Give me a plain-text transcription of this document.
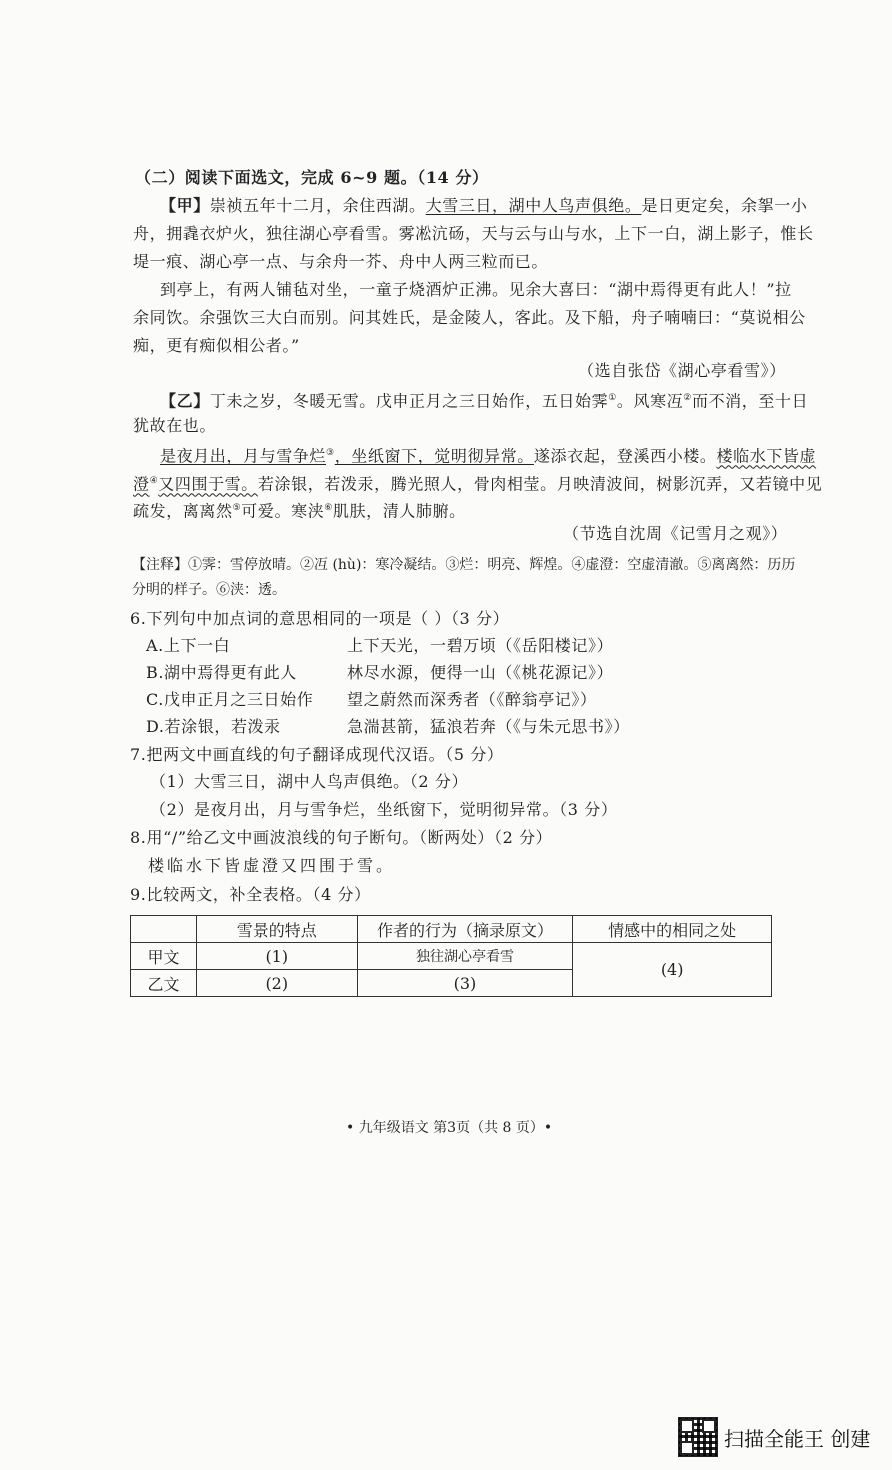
（二）阅读下面选文，完成 6~9 题。（14 分）
【甲】崇祯五年十二月，余住西湖。大雪三日，湖中人鸟声俱绝。是日更定矣，余挐一小
舟，拥毳衣炉火，独往湖心亭看雪。雾凇沆砀，天与云与山与水，上下一白，湖上影子，惟长
堤一痕、湖心亭一点、与余舟一芥、舟中人两三粒而已。
到亭上，有两人铺毡对坐，一童子烧酒炉正沸。见余大喜曰：“湖中焉得更有此人！”拉
余同饮。余强饮三大白而别。问其姓氏，是金陵人，客此。及下船，舟子喃喃曰：“莫说相公
痴，更有痴似相公者。”
（选自张岱《湖心亭看雪》）
【乙】丁未之岁，冬暖无雪。戊申正月之三日始作，五日始霁①。风寒冱②而不消，至十日
犹故在也。
是夜月出，月与雪争烂③，坐纸窗下，觉明彻异常。遂添衣起，登溪西小楼。楼临水下皆虚
澄④又四围于雪。若涂银，若泼汞，腾光照人，骨肉相莹。月映清波间，树影沉弄，又若镜中见
疏发，离离然⑤可爱。寒浃⑥肌肤，清人肺腑。
（节选自沈周《记雪月之观》）
【注释】①霁：雪停放晴。②冱 (hù)：寒冷凝结。③烂：明亮、辉煌。④虚澄：空虚清澈。⑤离离然：历历
分明的样子。⑥浃：透。
6.下列句中加点词的意思相同的一项是（ ）（3 分）
A.上下一白	上下天光，一碧万顷（《岳阳楼记》）
B.湖中焉得更有此人	林尽水源，便得一山（《桃花源记》）
C.戊申正月之三日始作 望之蔚然而深秀者（《醉翁亭记》）
D.若涂银，若泼汞	急湍甚箭，猛浪若奔（《与朱元思书》）
7.把两文中画直线的句子翻译成现代汉语。（5 分）
（1）大雪三日，湖中人鸟声俱绝。（2 分）
（2）是夜月出，月与雪争烂，坐纸窗下，觉明彻异常。（3 分）
8.用“/”给乙文中画波浪线的句子断句。（断两处）（2 分）
楼临水下皆虚澄又四围于雪。
9.比较两文，补全表格。（4 分）
	雪景的特点	作者的行为（摘录原文）	情感中的相同之处
甲文	(1)	独往湖心亭看雪	(4)
乙文	(2)	(3)	
• 九年级语文 第3页（共 8 页）•
扫描全能王 创建
